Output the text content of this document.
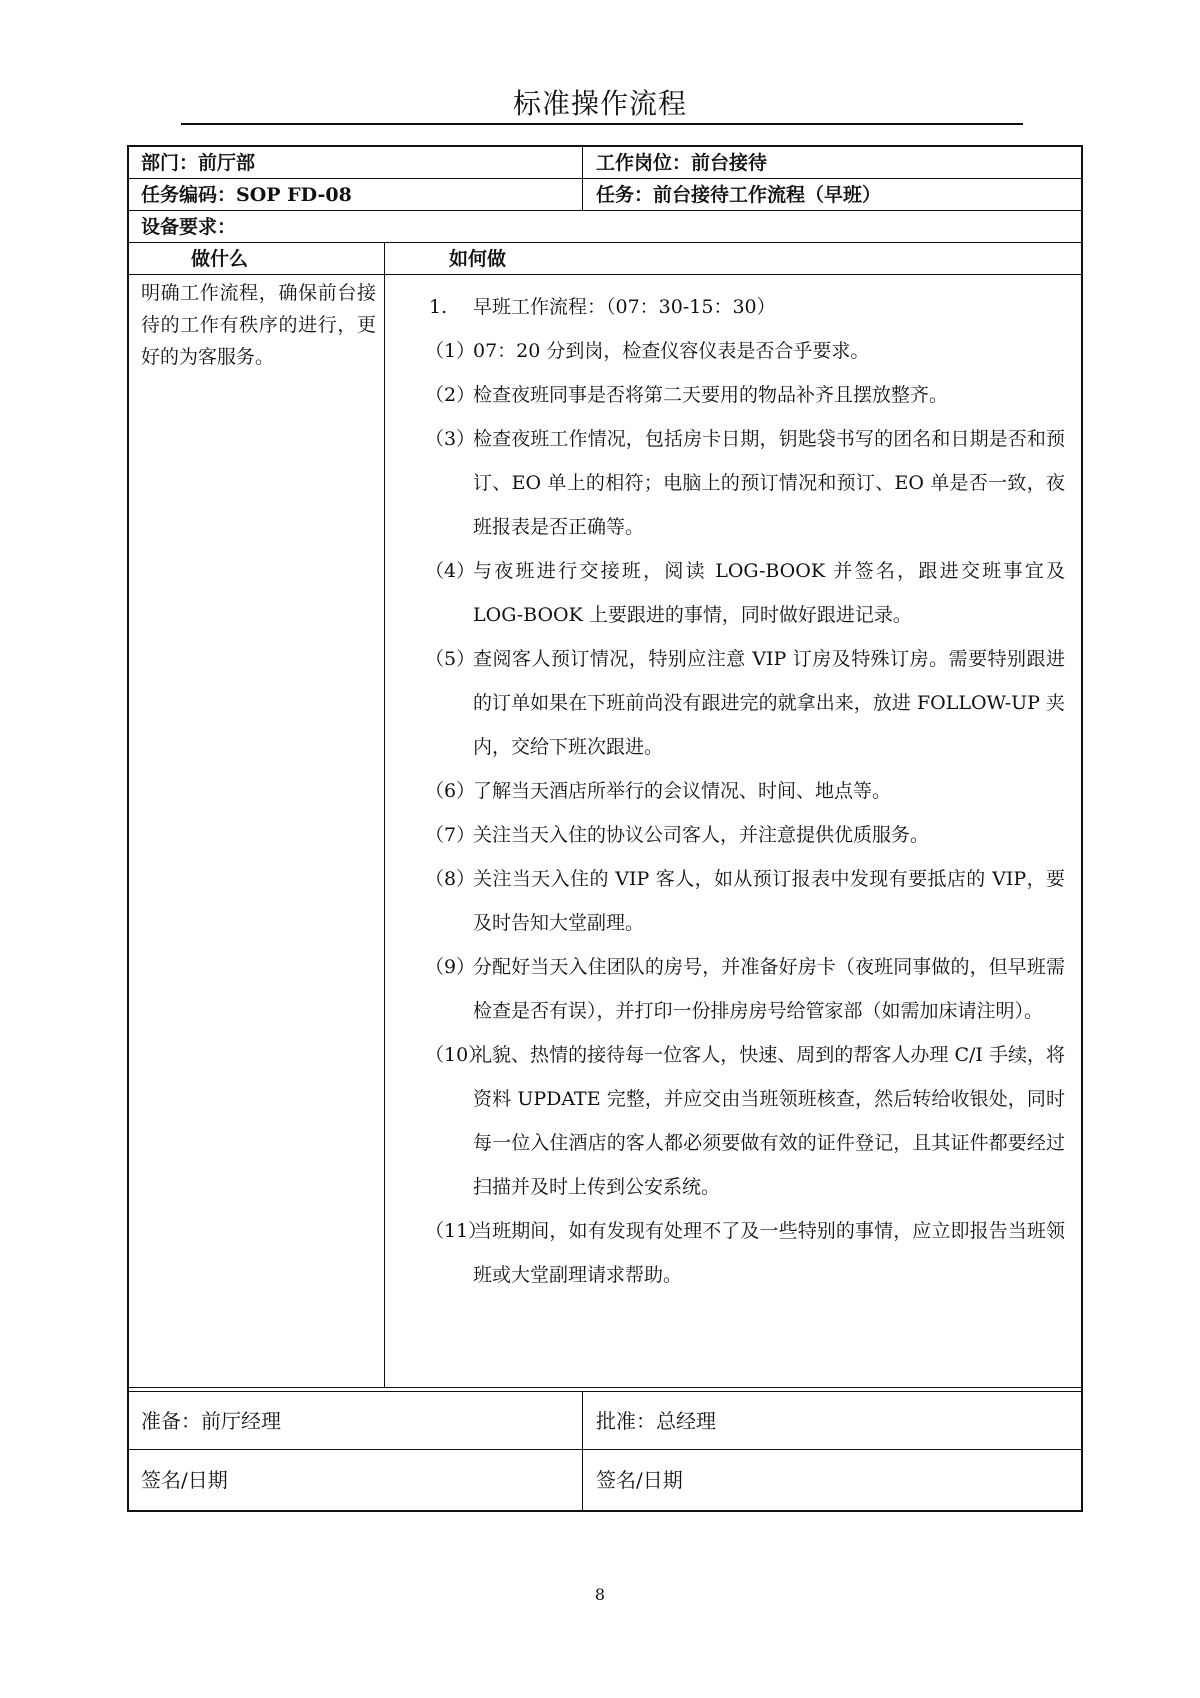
标准操作流程
部门：前厅部	工作岗位：前台接待
任务编码：SOP FD-08	任务：前台接待工作流程（早班）
设备要求：
做什么	如何做
明确工作流程，确保前台接待的工作有秩序的进行，更好的为客服务。
1. 早班工作流程：（07：30-15：30）
（1）
07：20 分到岗，检查仪容仪表是否合乎要求。
（2）
检查夜班同事是否将第二天要用的物品补齐且摆放整齐。
（3）
检查夜班工作情况，包括房卡日期，钥匙袋书写的团名和日期是否和预订、EO 单上的相符；电脑上的预订情况和预订、EO 单是否一致，夜班报表是否正确等。
（4）
与夜班进行交接班，阅读 LOG-BOOK 并签名，跟进交班事宜及 LOG-BOOK 上要跟进的事情，同时做好跟进记录。
（5）
查阅客人预订情况，特别应注意 VIP 订房及特殊订房。需要特别跟进的订单如果在下班前尚没有跟进完的就拿出来，放进 FOLLOW-UP 夹内，交给下班次跟进。
（6）
了解当天酒店所举行的会议情况、时间、地点等。
（7）
关注当天入住的协议公司客人，并注意提供优质服务。
（8）
关注当天入住的 VIP 客人，如从预订报表中发现有要抵店的 VIP，要及时告知大堂副理。
（9）
分配好当天入住团队的房号，并准备好房卡（夜班同事做的，但早班需检查是否有误），并打印一份排房房号给管家部（如需加床请注明）。
（10）
礼貌、热情的接待每一位客人，快速、周到的帮客人办理 C/I 手续，将资料 UPDATE 完整，并应交由当班领班核查，然后转给收银处，同时每一位入住酒店的客人都必须要做有效的证件登记，且其证件都要经过扫描并及时上传到公安系统。
（11）
当班期间，如有发现有处理不了及一些特别的事情，应立即报告当班领班或大堂副理请求帮助。
准备：前厅经理	批准：总经理
签名/日期	签名/日期
8
